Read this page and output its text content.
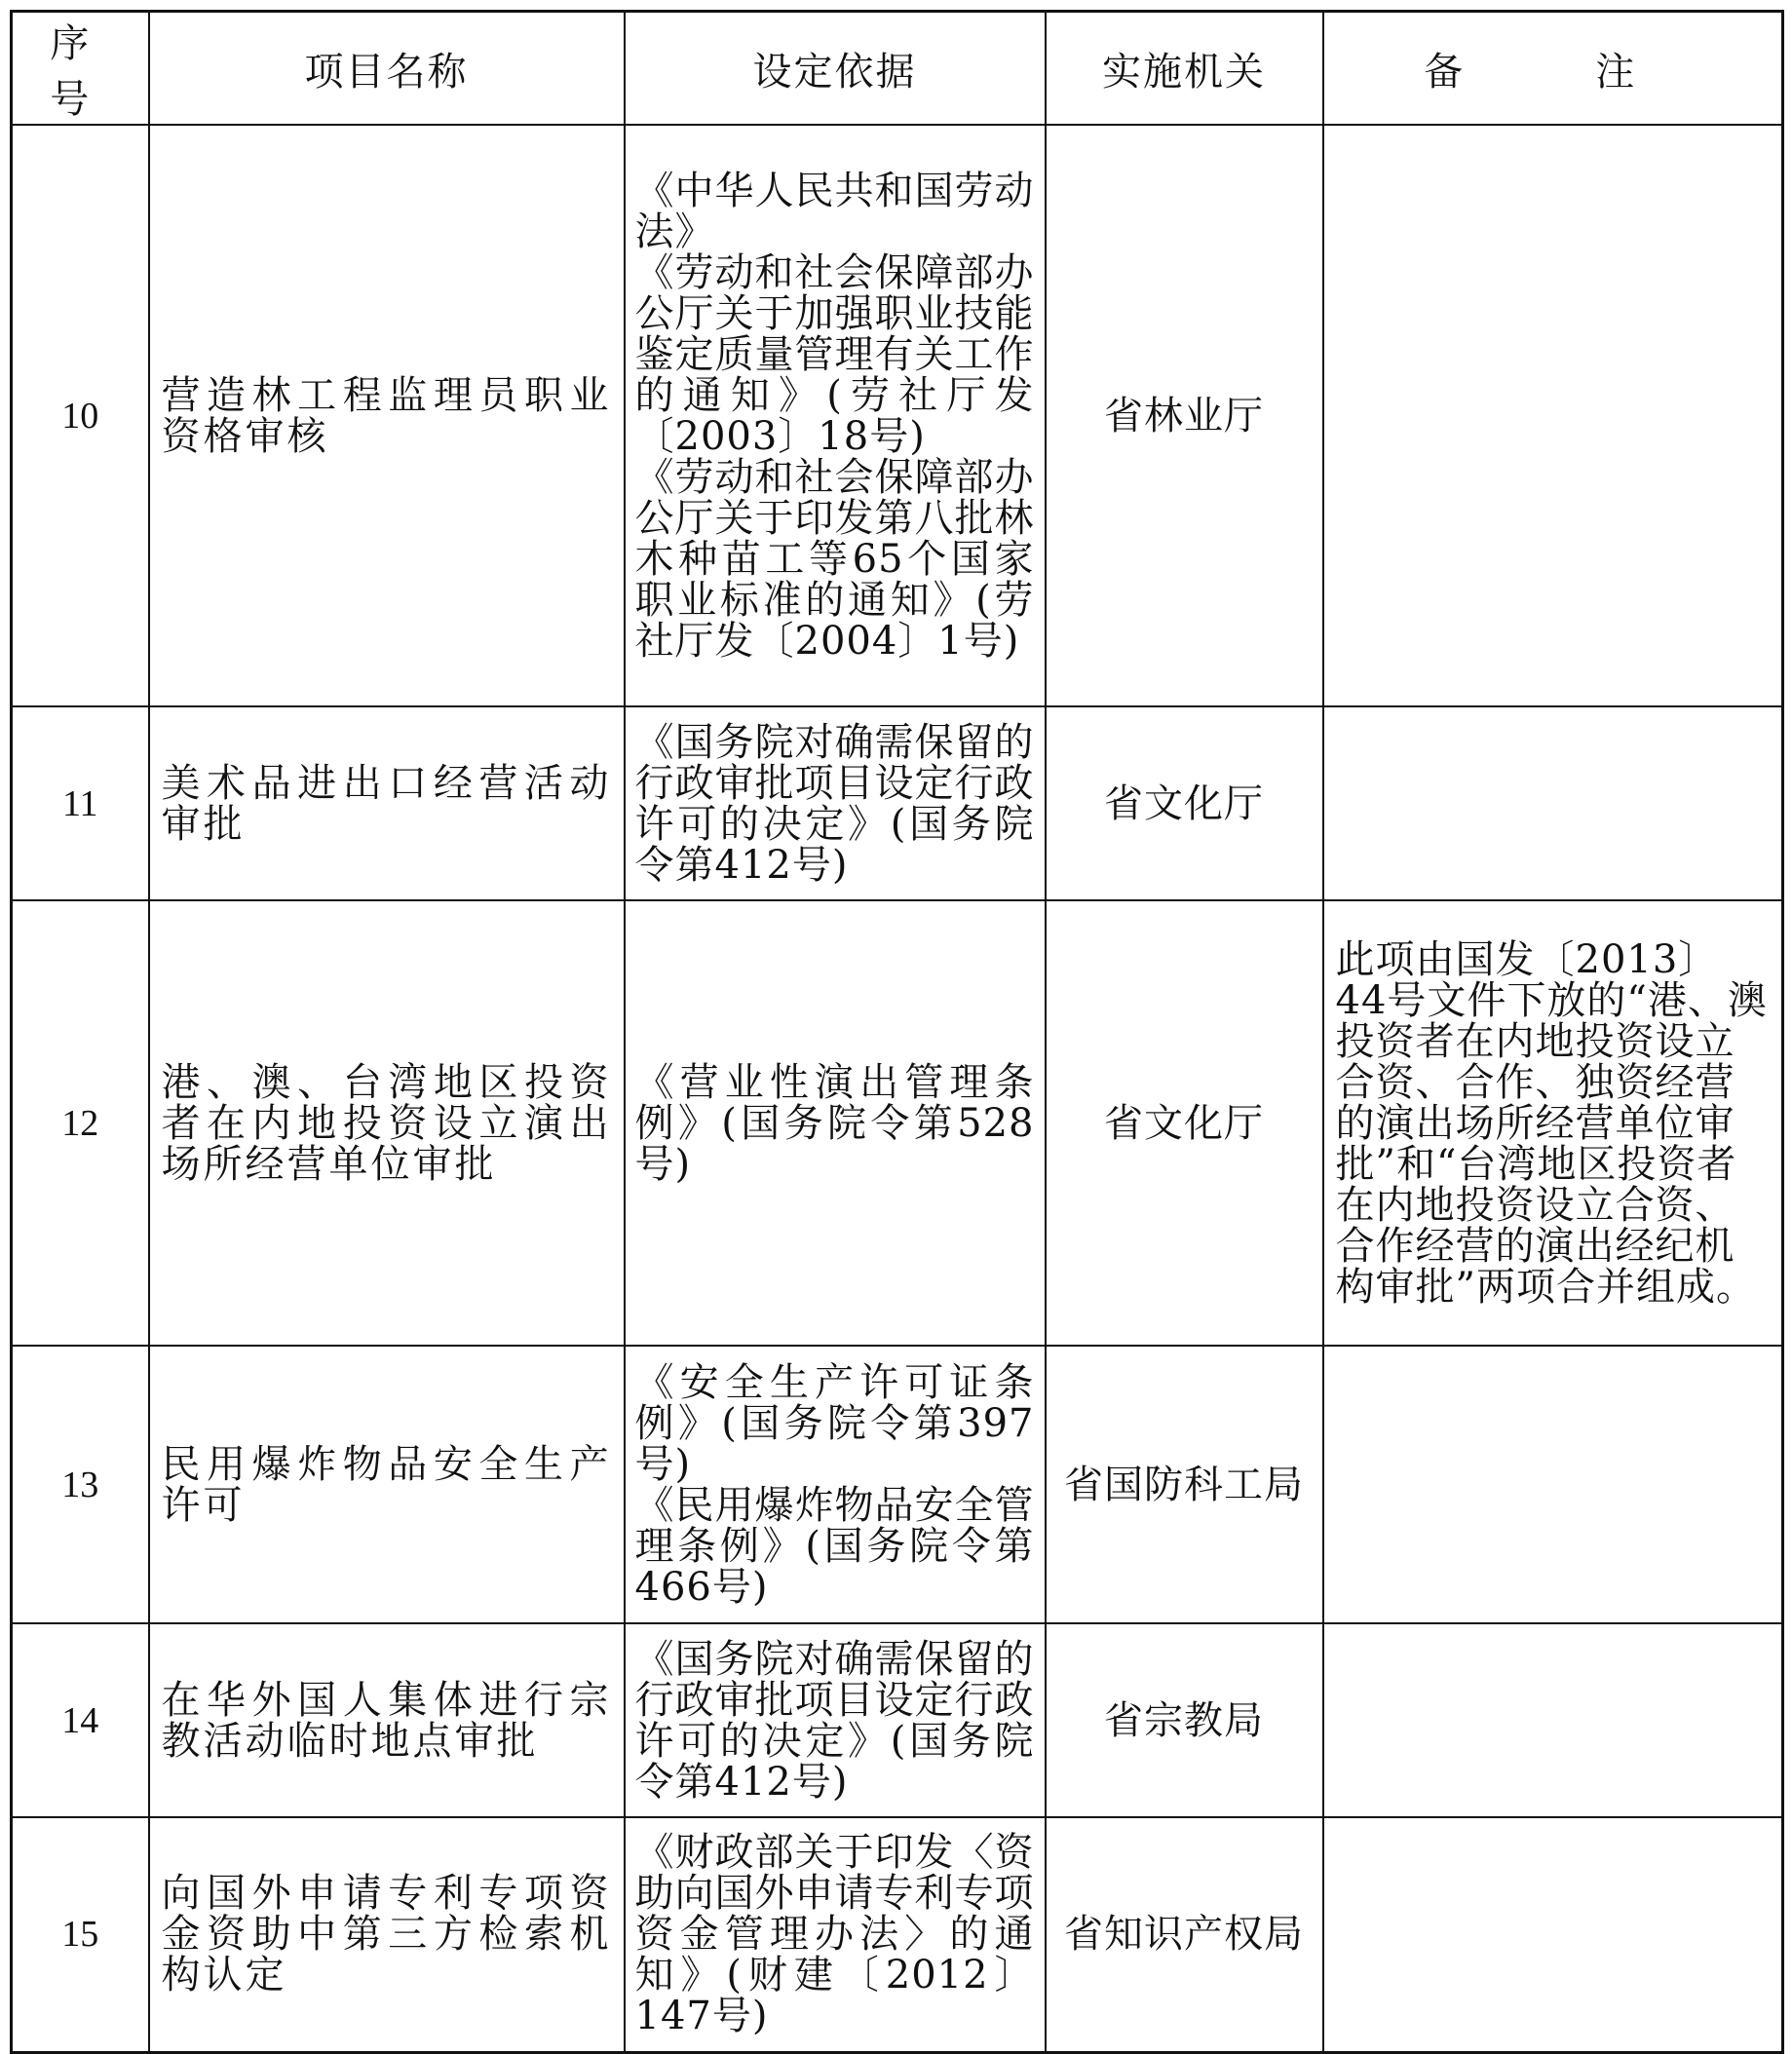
序 号	项目名称	设定依据	实施机关	备　注
10	营造林工程监理员职业资格审核	《中华人民共和国劳动法》
《劳动和社会保障部办公厅关于加强职业技能鉴定质量管理有关工作的通知》(劳社厅发〔2003〕18号)
《劳动和社会保障部办公厅关于印发第八批林木种苗工等65个国家职业标准的通知》(劳社厅发〔2004〕1号)	省林业厅	
11	美术品进出口经营活动审批	《国务院对确需保留的行政审批项目设定行政许可的决定》(国务院令第412号)	省文化厅	
12	港、澳、台湾地区投资者在内地投资设立演出场所经营单位审批	《营业性演出管理条例》(国务院令第528号)	省文化厅	此项由国发〔2013〕44号文件下放的“港、澳投资者在内地投资设立合资、合作、独资经营的演出场所经营单位审批”和“台湾地区投资者在内地投资设立合资、合作经营的演出经纪机构审批”两项合并组成。
13	民用爆炸物品安全生产许可	《安全生产许可证条例》(国务院令第397号)
《民用爆炸物品安全管理条例》(国务院令第466号)	省国防科工局	
14	在华外国人集体进行宗教活动临时地点审批	《国务院对确需保留的行政审批项目设定行政许可的决定》(国务院令第412号)	省宗教局	
15	向国外申请专利专项资金资助中第三方检索机构认定	《财政部关于印发〈资助向国外申请专利专项资金管理办法〉的通知》(财建〔2012〕147号)	省知识产权局	
